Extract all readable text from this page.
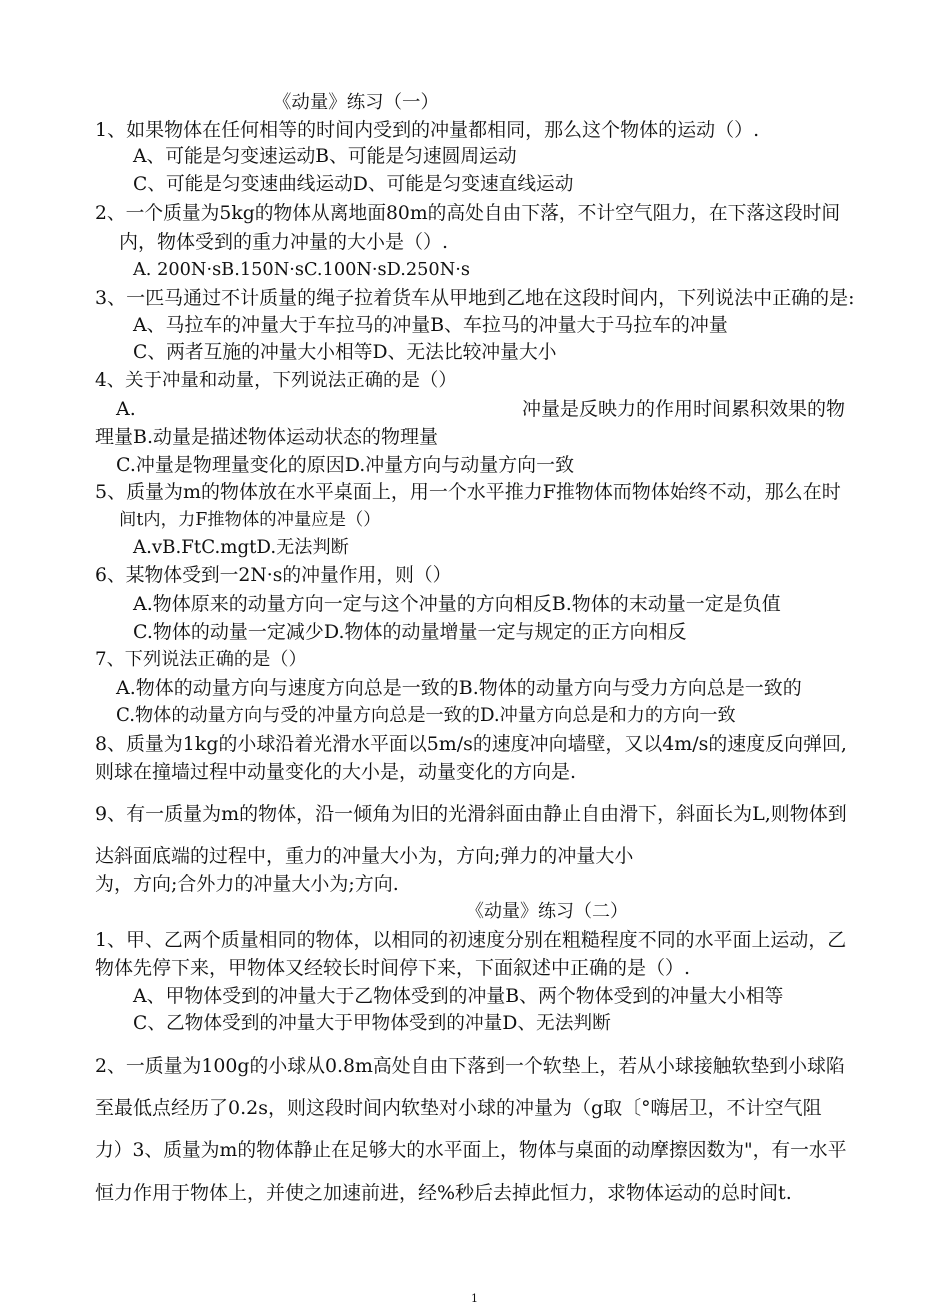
《动量》练习（一）
1、如果物体在任何相等的时间内受到的冲量都相同，那么这个物体的运动（）.
A、可能是匀变速运动B、可能是匀速圆周运动
C、可能是匀变速曲线运动D、可能是匀变速直线运动
2、一个质量为5kg的物体从离地面80m的高处自由下落，不计空气阻力，在下落这段时间
内，物体受到的重力冲量的大小是（）.
A. 200N·sB.150N·sC.100N·sD.250N·s
3、一匹马通过不计质量的绳子拉着货车从甲地到乙地在这段时间内，下列说法中正确的是:
A、马拉车的冲量大于车拉马的冲量B、车拉马的冲量大于马拉车的冲量
C、两者互施的冲量大小相等D、无法比较冲量大小
4、关于冲量和动量，下列说法正确的是（）
A.	冲量是反映力的作用时间累积效果的物
理量B.动量是描述物体运动状态的物理量
C.冲量是物理量变化的原因D.冲量方向与动量方向一致
5、质量为m的物体放在水平桌面上，用一个水平推力F推物体而物体始终不动，那么在时
间t内，力F推物体的冲量应是（）
A.vB.FtC.mgtD.无法判断
6、某物体受到一2N·s的冲量作用，则（）
A.物体原来的动量方向一定与这个冲量的方向相反B.物体的末动量一定是负值
C.物体的动量一定减少D.物体的动量增量一定与规定的正方向相反
7、下列说法正确的是（）
A.物体的动量方向与速度方向总是一致的B.物体的动量方向与受力方向总是一致的
C.物体的动量方向与受的冲量方向总是一致的D.冲量方向总是和力的方向一致
8、质量为1kg的小球沿着光滑水平面以5m/s的速度冲向墙壁，又以4m/s的速度反向弹回,
则球在撞墙过程中动量变化的大小是，动量变化的方向是.
9、有一质量为m的物体，沿一倾角为旧的光滑斜面由静止自由滑下，斜面长为L,则物体到
达斜面底端的过程中，重力的冲量大小为，方向;弹力的冲量大小
为，方向;合外力的冲量大小为;方向.
《动量》练习（二）
1、甲、乙两个质量相同的物体，以相同的初速度分别在粗糙程度不同的水平面上运动，乙
物体先停下来，甲物体又经较长时间停下来，下面叙述中正确的是（）.
A、甲物体受到的冲量大于乙物体受到的冲量B、两个物体受到的冲量大小相等
C、乙物体受到的冲量大于甲物体受到的冲量D、无法判断
2、一质量为100g的小球从0.8m高处自由下落到一个软垫上，若从小球接触软垫到小球陷
至最低点经历了0.2s，则这段时间内软垫对小球的冲量为（g取〔°嗨居卫，不计空气阻
力）3、质量为m的物体静止在足够大的水平面上，物体与桌面的动摩擦因数为"，有一水平
恒力作用于物体上，并使之加速前进，经%秒后去掉此恒力，求物体运动的总时间t.
1
